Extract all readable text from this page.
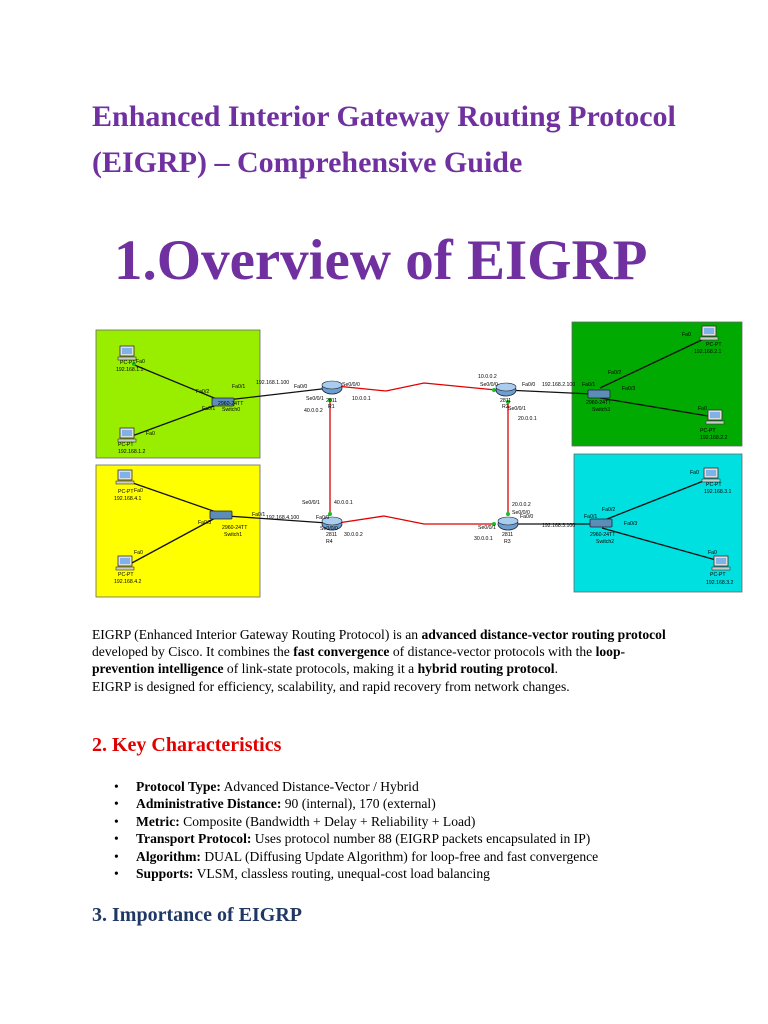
Enhanced Interior Gateway Routing Protocol (EIGRP) – Comprehensive Guide
1.Overview of EIGRP
PC-PT
192.168.1.1
Fa0
PC-PT
192.168.1.2
Fa0
Fa0/2
Fa0/1
Fa0/1
2960-24TT
Switch0
PC-PT
192.168.4.1
Fa0
PC-PT
192.168.4.2
Fa0
Fa0/3
Fa0/1
2960-24TT
Switch1
PC-PT
192.168.2.1
Fa0
PC-PT
192.168.2.2
Fa0
Fa0/2
Fa0/1
Fa0/3
2960-24TT
Switch3
PC-PT
192.168.3.1
Fa0
PC-PT
192.168.3.2
Fa0
Fa0/2
Fa0/1
Fa0/3
2960-24TT
Switch2
192.168.1.100
Fa0/0	Se0/0/0
10.0.0.1
Se0/0/1
40.0.0.2
2811
R1
10.0.0.2
Se0/0/0	Fa0/0 192.168.2.100
2811
R2 Se0/0/1
20.0.0.1
Se0/0/1	40.0.0.1
192.168.4.100	Fa0/0
Se0/0/0
30.0.0.2
2811
R4
20.0.0.2
Se0/0/0
Se0/0/1
Fa0/0
192.168.3.100
30.0.0.1
2811
R3
EIGRP (Enhanced Interior Gateway Routing Protocol) is an advanced distance-vector routing protocol developed by Cisco. It combines the fast convergence of distance-vector protocols with the loop-prevention intelligence of link-state protocols, making it a hybrid routing protocol.
EIGRP is designed for efficiency, scalability, and rapid recovery from network changes.
2. Key Characteristics
• Protocol Type: Advanced Distance-Vector / Hybrid
• Administrative Distance: 90 (internal), 170 (external)
• Metric: Composite (Bandwidth + Delay + Reliability + Load)
• Transport Protocol: Uses protocol number 88 (EIGRP packets encapsulated in IP)
• Algorithm: DUAL (Diffusing Update Algorithm) for loop-free and fast convergence
• Supports: VLSM, classless routing, unequal-cost load balancing
3. Importance of EIGRP
